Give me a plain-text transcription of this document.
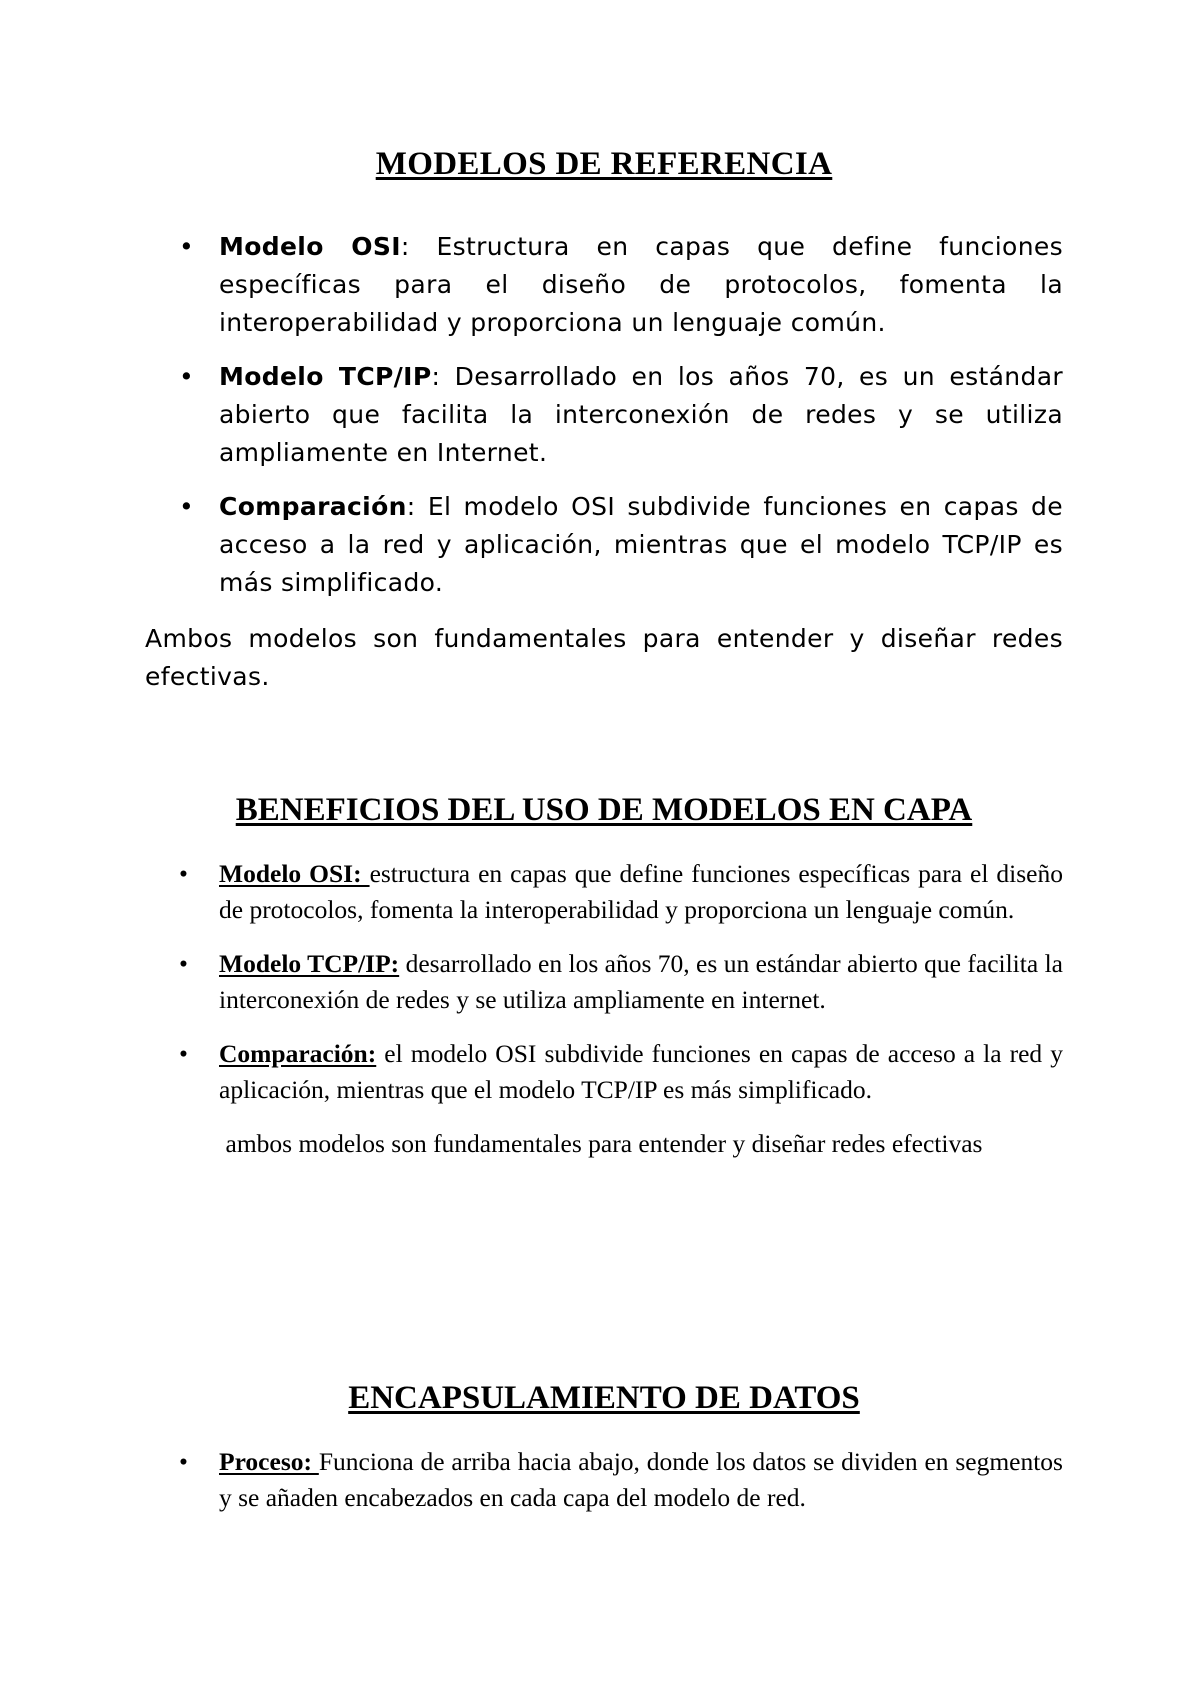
MODELOS DE REFERENCIA
• Modelo OSI: Estructura en capas que define funciones específicas para el diseño de protocolos, fomenta la interoperabilidad y proporciona un lenguaje común.
• Modelo TCP/IP: Desarrollado en los años 70, es un estándar abierto que facilita la interconexión de redes y se utiliza ampliamente en Internet.
• Comparación: El modelo OSI subdivide funciones en capas de acceso a la red y aplicación, mientras que el modelo TCP/IP es más simplificado.

Ambos modelos son fundamentales para entender y diseñar redes efectivas.

BENEFICIOS DEL USO DE MODELOS EN CAPA
• Modelo OSI: estructura en capas que define funciones específicas para el diseño de protocolos, fomenta la interoperabilidad y proporciona un lenguaje común.
• Modelo TCP/IP: desarrollado en los años 70, es un estándar abierto que facilita la interconexión de redes y se utiliza ampliamente en internet.
• Comparación: el modelo OSI subdivide funciones en capas de acceso a la red y aplicación, mientras que el modelo TCP/IP es más simplificado.

ambos modelos son fundamentales para entender y diseñar redes efectivas

ENCAPSULAMIENTO DE DATOS
• Proceso: Funciona de arriba hacia abajo, donde los datos se dividen en segmentos y se añaden encabezados en cada capa del modelo de red.
